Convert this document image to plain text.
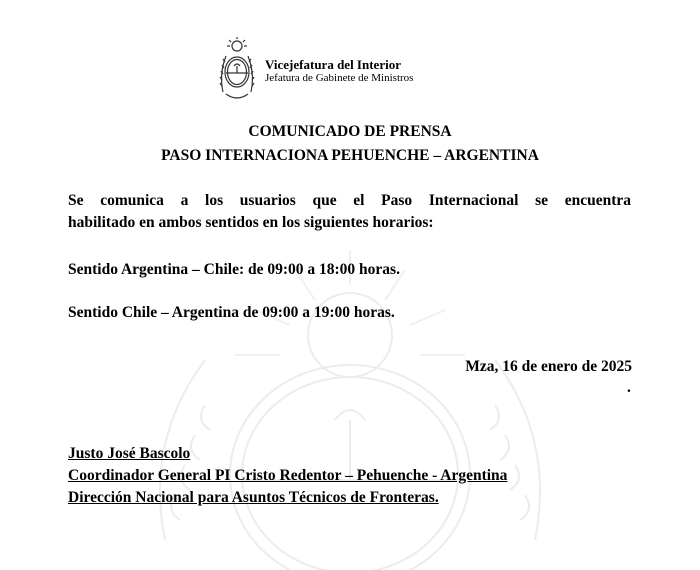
Vicejefatura del Interior
Jefatura de Gabinete de Ministros
COMUNICADO DE PRENSA
PASO INTERNACIONA PEHUENCHE – ARGENTINA
Se comunica a los usuarios que el Paso Internacional se encuentra
habilitado en ambos sentidos en los siguientes horarios:
Sentido Argentina – Chile: de 09:00 a 18:00 horas.
Sentido Chile – Argentina de 09:00 a 19:00 horas.
Mza, 16 de enero de 2025
.
Justo José Bascolo
Coordinador General PI Cristo Redentor – Pehuenche - Argentina
Dirección Nacional para Asuntos Técnicos de Fronteras.
